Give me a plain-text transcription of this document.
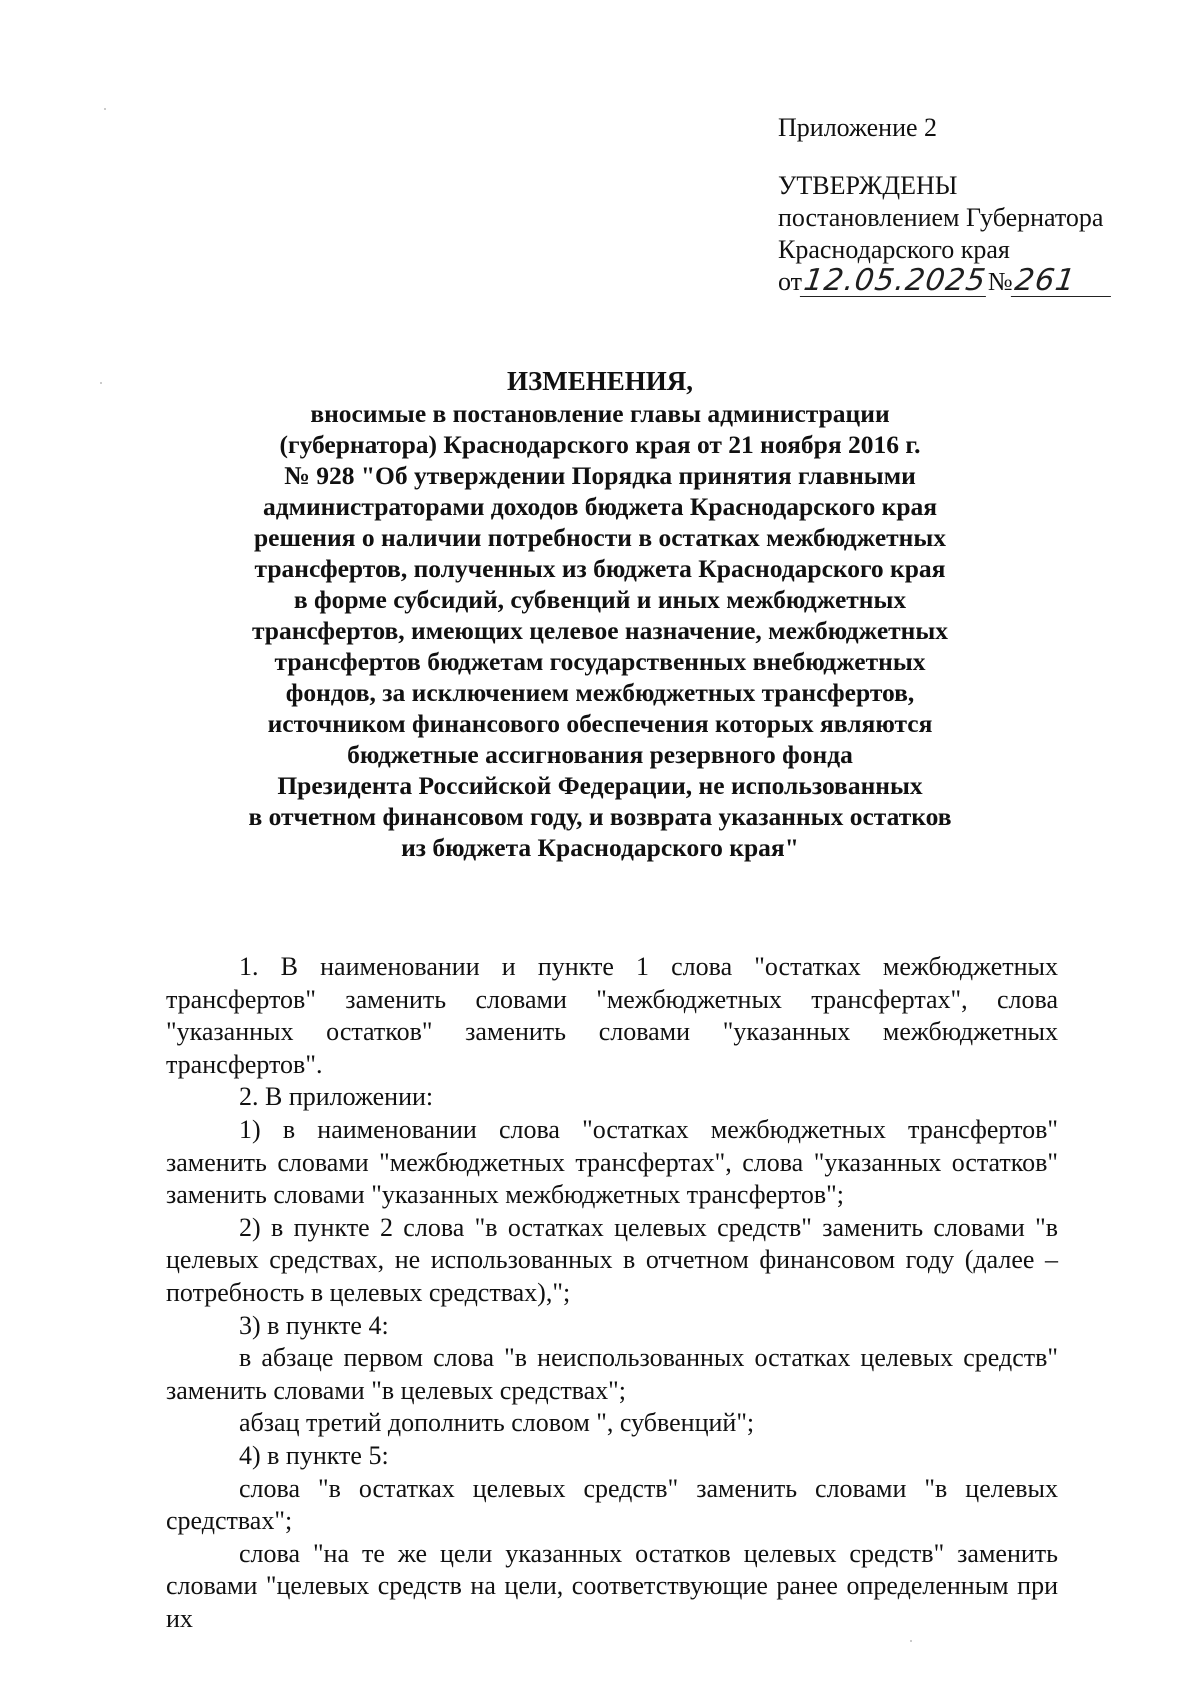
Приложение 2
УТВЕРЖДЕНЫ
постановлением Губернатора
Краснодарского края
от12.05.2025№261
ИЗМЕНЕНИЯ,
вносимые в постановление главы администрации
(губернатора) Краснодарского края от 21 ноября 2016 г.
№ 928 "Об утверждении Порядка принятия главными
администраторами доходов бюджета Краснодарского края
решения о наличии потребности в остатках межбюджетных
трансфертов, полученных из бюджета Краснодарского края
в форме субсидий, субвенций и иных межбюджетных
трансфертов, имеющих целевое назначение, межбюджетных
трансфертов бюджетам государственных внебюджетных
фондов, за исключением межбюджетных трансфертов,
источником финансового обеспечения которых являются
бюджетные ассигнования резервного фонда
Президента Российской Федерации, не использованных
в отчетном финансовом году, и возврата указанных остатков
из бюджета Краснодарского края"

1. В наименовании и пункте 1 слова "остатках межбюджетных трансфертов" заменить словами "межбюджетных трансфертах", слова "указанных остатков" заменить словами "указанных межбюджетных трансфертов".

2. В приложении:

1) в наименовании слова "остатках межбюджетных трансфертов" заменить словами "межбюджетных трансфертах", слова "указанных остатков" заменить словами "указанных межбюджетных трансфертов";

2) в пункте 2 слова "в остатках целевых средств" заменить словами "в целевых средствах, не использованных в отчетном финансовом году (далее – потребность в целевых средствах),";

3) в пункте 4:

в абзаце первом слова "в неиспользованных остатках целевых средств" заменить словами "в целевых средствах";

абзац третий дополнить словом ", субвенций";

4) в пункте 5:

слова "в остатках целевых средств" заменить словами "в целевых средствах";

слова "на те же цели указанных остатков целевых средств" заменить словами "целевых средств на цели, соответствующие ранее определенным при их
